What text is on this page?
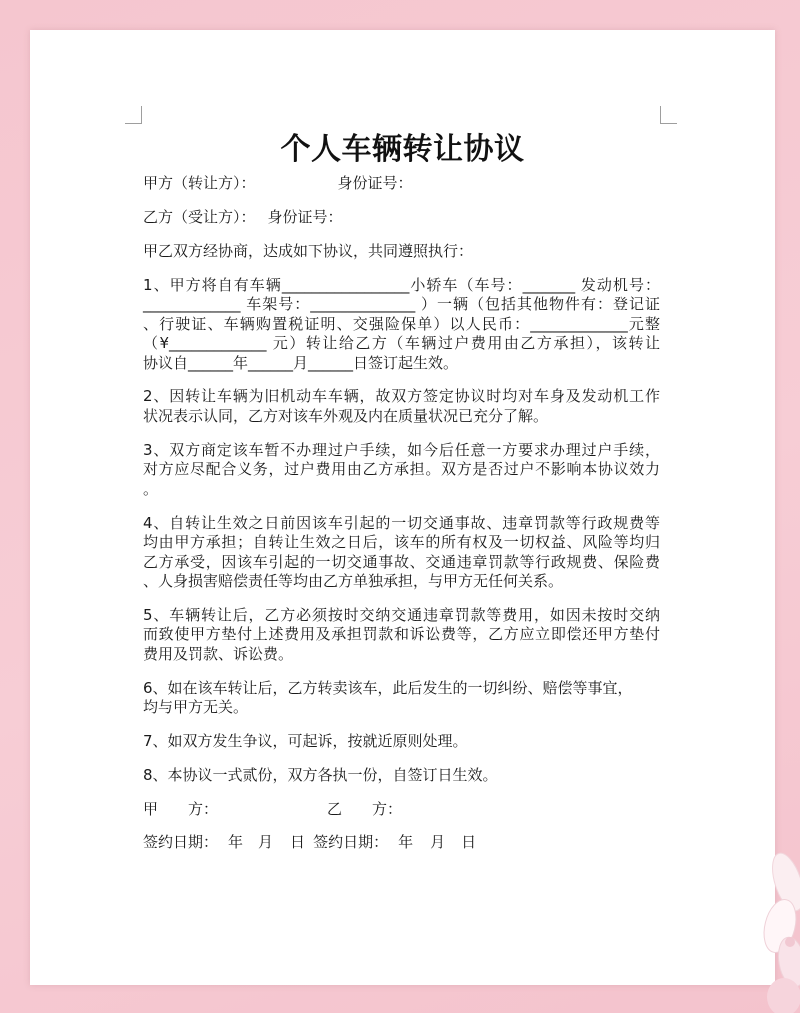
个人车辆转让协议
甲方（转让方）：	身份证号：
乙方（受让方）： 身份证号：
甲乙双方经协商，达成如下协议，共同遵照执行：
1、甲方将自有车辆_________________小轿车（车号：_______ 发动机号：
_____________ 车架号：______________ ）一辆（包括其他物件有：登记证
、行驶证、车辆购置税证明、交强险保单）以人民币：_____________元整
（¥_____________ 元）转让给乙方（车辆过户费用由乙方承担），该转让
协议自______年______月______日签订起生效。
2、因转让车辆为旧机动车车辆，故双方签定协议时均对车身及发动机工作
状况表示认同，乙方对该车外观及内在质量状况已充分了解。
3、双方商定该车暂不办理过户手续，如今后任意一方要求办理过户手续，
对方应尽配合义务，过户费用由乙方承担。双方是否过户不影响本协议效力
。
4、自转让生效之日前因该车引起的一切交通事故、违章罚款等行政规费等
均由甲方承担；自转让生效之日后，该车的所有权及一切权益、风险等均归
乙方承受，因该车引起的一切交通事故、交通违章罚款等行政规费、保险费
、人身损害赔偿责任等均由乙方单独承担，与甲方无任何关系。
5、车辆转让后，乙方必须按时交纳交通违章罚款等费用，如因未按时交纳
而致使甲方垫付上述费用及承担罚款和诉讼费等，乙方应立即偿还甲方垫付
费用及罚款、诉讼费。
6、如在该车转让后，乙方转卖该车，此后发生的一切纠纷、赔偿等事宜，
均与甲方无关。
7、如双方发生争议，可起诉，按就近原则处理。
8、本协议一式贰份，双方各执一份，自签订日生效。
甲　　方：	乙　　方：
签约日期： 年 月 日 签约日期： 年 月 日
